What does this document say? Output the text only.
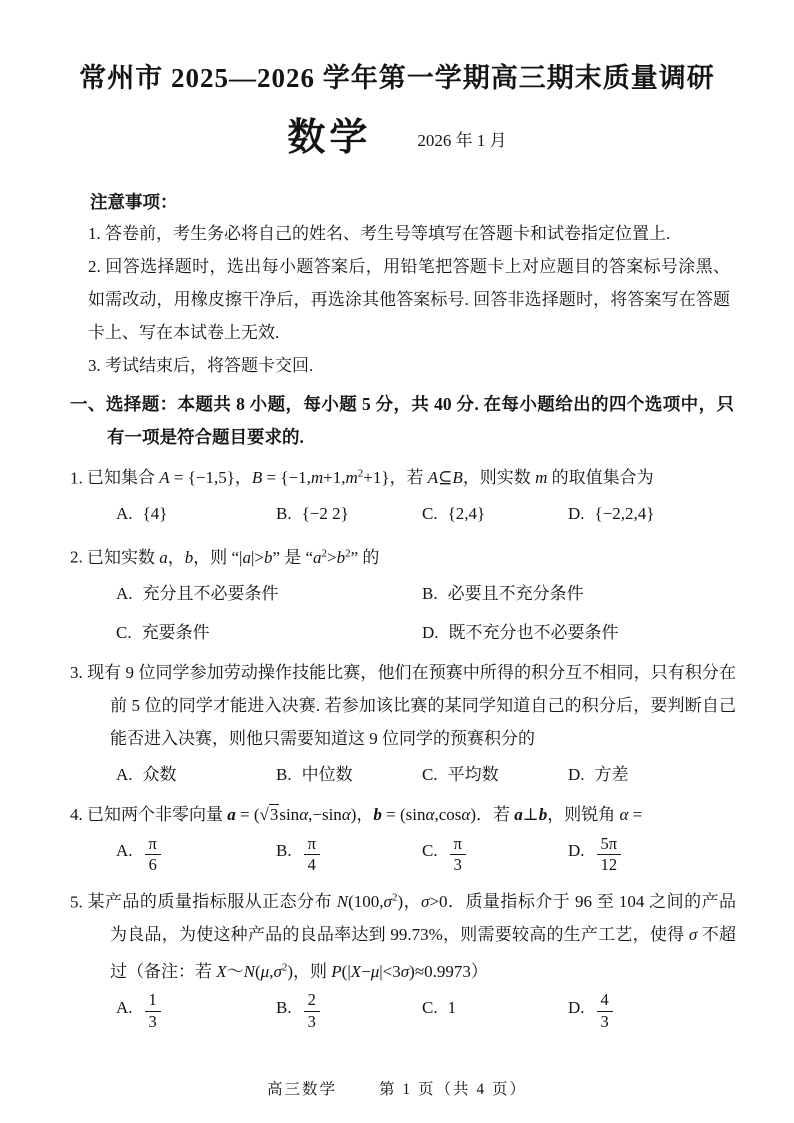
常州市 2025—2026 学年第一学期高三期末质量调研
数学	2026 年 1 月
注意事项：

1. 答卷前，考生务必将自己的姓名、考生号等填写在答题卡和试卷指定位置上.

2. 回答选择题时，选出每小题答案后，用铅笔把答题卡上对应题目的答案标号涂黑、如需改动，用橡皮擦干净后，再选涂其他答案标号. 回答非选择题时，将答案写在答题卡上、写在本试卷上无效.

3. 考试结束后，将答题卡交回.

一、选择题：本题共 8 小题，每小题 5 分，共 40 分. 在每小题给出的四个选项中，只有一项是符合题目要求的.

1. 已知集合 A = {−1,5}，$B = \{-1,m+1,m^2+1\}$，若 A⊆B，则实数 m 的取值集合为

A. {4}	B. {−2 2}	C. {2,4}	D. {−2,2,4}

2. 已知实数 a，b，则 “|a|>b” 是 “$a^2>b^2$” 的

A. 充分且不必要条件	B. 必要且不充分条件
C. 充要条件	D. 既不充分也不必要条件

3. 现有 9 位同学参加劳动操作技能比赛，他们在预赛中所得的积分互不相同，只有积分在前 5 位的同学才能进入决赛. 若参加该比赛的某同学知道自己的积分后，要判断自己能否进入决赛，则他只需要知道这 9 位同学的预赛积分的

A. 众数	B. 中位数	C. 平均数	D. 方差

4. 已知两个非零向量 a = (√3sinα,−sinα)，b = (sinα,cosα)．若 a⊥b，则锐角 α =

A. $\frac{\pi}{6}$	B. $\frac{\pi}{4}$	C. $\frac{\pi}{3}$	D. $\frac{5\pi}{12}$

5. 某产品的质量指标服从正态分布 $N(100,\sigma^2)$，σ>0．质量指标介于 96 至 104 之间的产品为良品，为使这种产品的良品率达到 99.73%，则需要较高的生产工艺，使得 σ 不超过（备注：若 $X\sim N(\mu,\sigma^2)$，则 P(|X−μ|<3σ)≈0.9973）

A. $\frac{1}{3}$	B. $\frac{2}{3}$	C. 1	D. $\frac{4}{3}$
高三数学	第 1 页（共 4 页）
